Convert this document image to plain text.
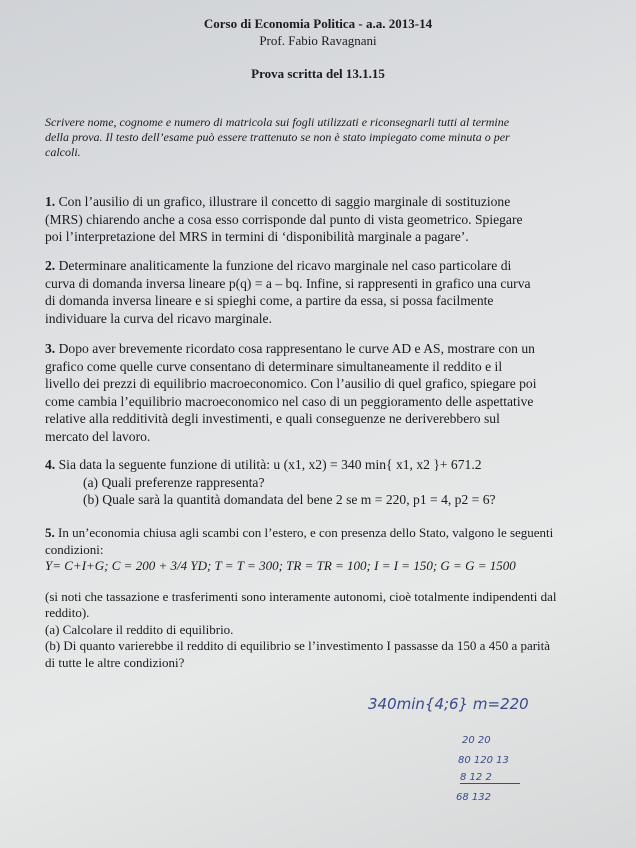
Corso di Economia Politica - a.a. 2013-14
Prof. Fabio Ravagnani
Prova scritta del 13.1.15
Scrivere nome, cognome e numero di matricola sui fogli utilizzati e riconsegnarli tutti al termine
della prova. Il testo dell’esame può essere trattenuto se non è stato impiegato come minuta o per
calcoli.
1. Con l’ausilio di un grafico, illustrare il concetto di saggio marginale di sostituzione
(MRS) chiarendo anche a cosa esso corrisponde dal punto di vista geometrico. Spiegare
poi l’interpretazione del MRS in termini di ‘disponibilità marginale a pagare’.
2. Determinare analiticamente la funzione del ricavo marginale nel caso particolare di
curva di domanda inversa lineare p(q) = a – bq. Infine, si rappresenti in grafico una curva
di domanda inversa lineare e si spieghi come, a partire da essa, si possa facilmente
individuare la curva del ricavo marginale.
3. Dopo aver brevemente ricordato cosa rappresentano le curve AD e AS, mostrare con un
grafico come quelle curve consentano di determinare simultaneamente il reddito e il
livello dei prezzi di equilibrio macroeconomico. Con l’ausilio di quel grafico, spiegare poi
come cambia l’equilibrio macroeconomico nel caso di un peggioramento delle aspettative
relative alla redditività degli investimenti, e quali conseguenze ne deriverebbero sul
mercato del lavoro.
4. Sia data la seguente funzione di utilità: u (x1, x2) = 340 min{ x1, x2 }+ 671.2
(a) Quali preferenze rappresenta?
(b) Quale sarà la quantità domandata del bene 2 se m = 220, p1 = 4, p2 = 6?
5. In un’economia chiusa agli scambi con l’estero, e con presenza dello Stato, valgono le seguenti
condizioni:
Y= C+I+G; C = 200 + 3/4 YD; T = T = 300; TR = TR = 100; I = I = 150; G = G = 1500
(si noti che tassazione e trasferimenti sono interamente autonomi, cioè totalmente indipendenti dal
reddito).
(a) Calcolare il reddito di equilibrio.
(b) Di quanto varierebbe il reddito di equilibrio se l’investimento I passasse da 150 a 450 a parità
di tutte le altre condizioni?
340min{4;6} m=220
20 20
80 120 13
8 12 2
68 132
